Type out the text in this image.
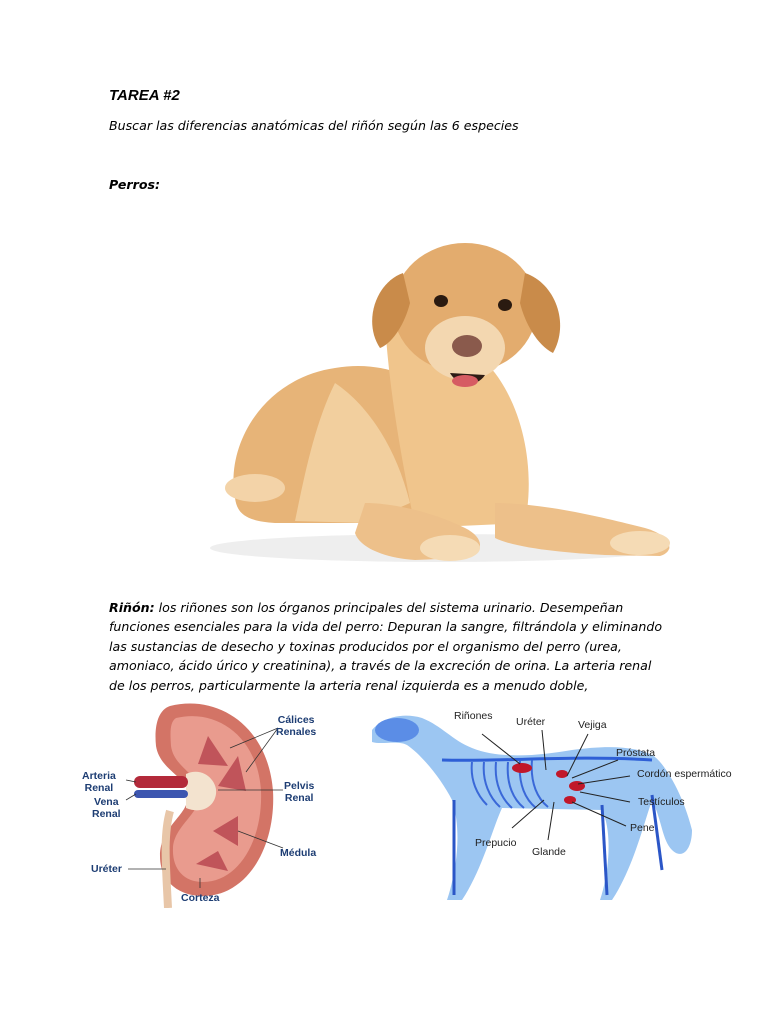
TAREA #2
Buscar las diferencias anatómicas del riñón según las 6 especies
Perros:
Riñón: los riñones son los órganos principales del sistema urinario. Desempeñan funciones esenciales para la vida del perro: Depuran la sangre, filtrándola y eliminando las sustancias de desecho y toxinas producidos por el organismo del perro (urea, amoniaco, ácido úrico y creatinina), a través de la excreción de orina. La arteria renal de los perros, particularmente la arteria renal izquierda es a menudo doble,
Cálices
Renales
Pelvis
Renal
Arteria
Renal
Vena
Renal
Médula
Uréter
Corteza
Riñones Uréter	Vejiga
Próstata
Cordón espermático
Testículos
Pene
Prepucio
Glande
